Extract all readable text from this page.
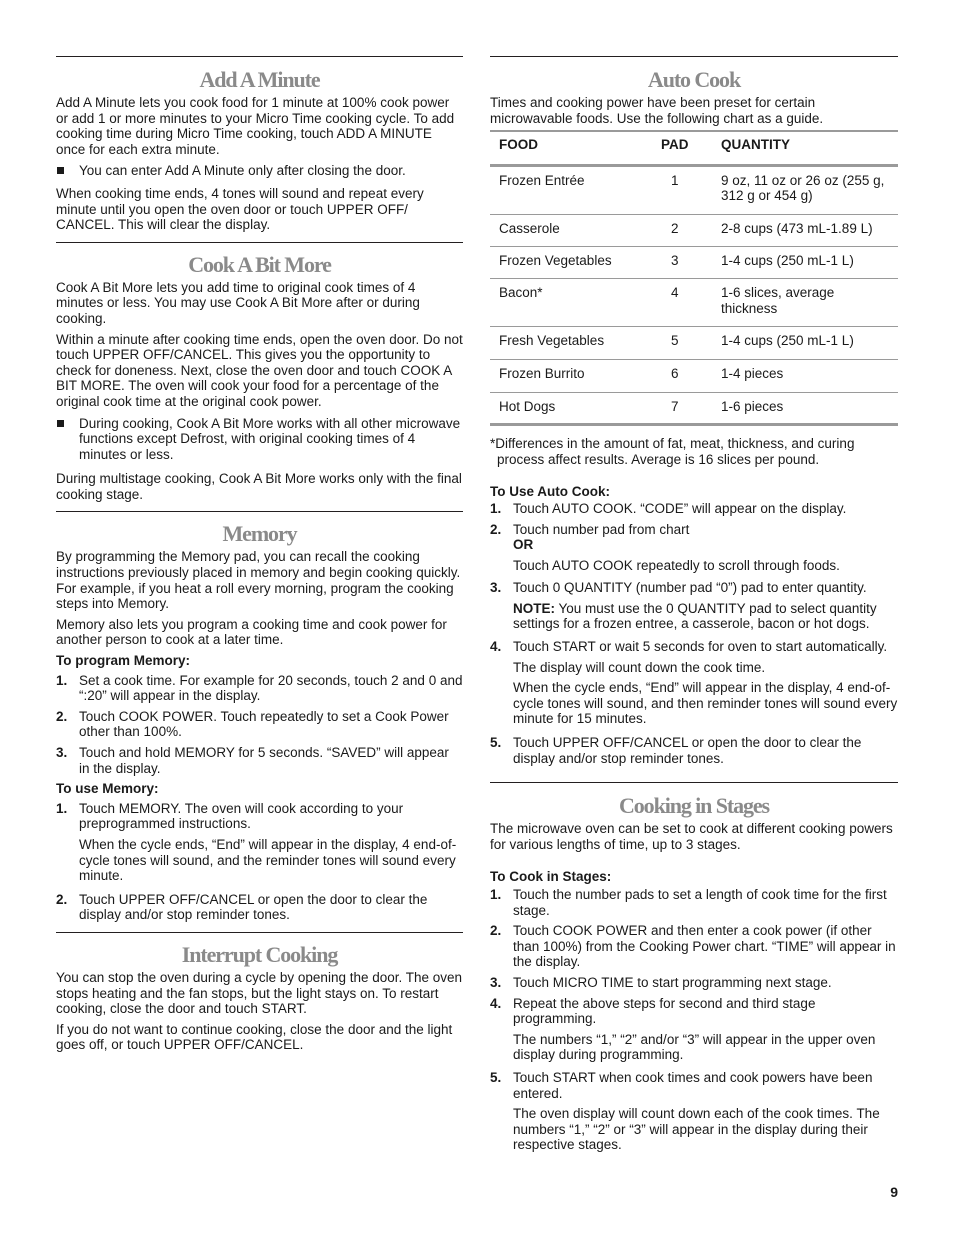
Add A Minute

Add A Minute lets you cook food for 1 minute at 100% cook power or add 1 or more minutes to your Micro Time cooking cycle. To add cooking time during Micro Time cooking, touch ADD A MINUTE once for each extra minute.

You can enter Add A Minute only after closing the door.

When cooking time ends, 4 tones will sound and repeat every minute until you open the oven door or touch UPPER OFF/ CANCEL. This will clear the display.

Cook A Bit More

Cook A Bit More lets you add time to original cook times of 4 minutes or less. You may use Cook A Bit More after or during cooking.

Within a minute after cooking time ends, open the oven door. Do not touch UPPER OFF/CANCEL. This gives you the opportunity to check for doneness. Next, close the oven door and touch COOK A BIT MORE. The oven will cook your food for a percentage of the original cook time at the original cook power.

During cooking, Cook A Bit More works with all other microwave functions except Defrost, with original cooking times of 4 minutes or less.

During multistage cooking, Cook A Bit More works only with the final cooking stage.

Memory

By programming the Memory pad, you can recall the cooking instructions previously placed in memory and begin cooking quickly. For example, if you heat a roll every morning, program the cooking steps into Memory.

Memory also lets you program a cooking time and cook power for another person to cook at a later time.

To program Memory:

1. Set a cook time. For example for 20 seconds, touch 2 and 0 and “:20” will appear in the display.
2. Touch COOK POWER. Touch repeatedly to set a Cook Power other than 100%.
3. Touch and hold MEMORY for 5 seconds. “SAVED” will appear in the display.

To use Memory:

1. Touch MEMORY. The oven will cook according to your preprogrammed instructions.

When the cycle ends, “End” will appear in the display, 4 end-of-cycle tones will sound, and the reminder tones will sound every minute.

2. Touch UPPER OFF/CANCEL or open the door to clear the display and/or stop reminder tones.
Interrupt Cooking

You can stop the oven during a cycle by opening the door. The oven stops heating and the fan stops, but the light stays on. To restart cooking, close the door and touch START.

If you do not want to continue cooking, close the door and the light goes off, or touch UPPER OFF/CANCEL.

Auto Cook

Times and cooking power have been preset for certain microwavable foods. Use the following chart as a guide.

FOOD	PAD	QUANTITY
Frozen Entrée	1	9 oz, 11 oz or 26 oz (255 g, 312 g or 454 g)
Casserole	2	2-8 cups (473 mL-1.89 L)
Frozen Vegetables	3	1-4 cups (250 mL-1 L)
Bacon*	4	1-6 slices, average thickness
Fresh Vegetables	5	1-4 cups (250 mL-1 L)
Frozen Burrito	6	1-4 pieces
Hot Dogs	7	1-6 pieces

*Differences in the amount of fat, meat, thickness, and curing process affect results. Average is 16 slices per pound.

To Use Auto Cook:

1. Touch AUTO COOK. “CODE” will appear on the display.
2. Touch number pad from chart

OR

Touch AUTO COOK repeatedly to scroll through foods.

3. Touch 0 QUANTITY (number pad “0”) pad to enter quantity.

NOTE: You must use the 0 QUANTITY pad to select quantity settings for a frozen entree, a casserole, bacon or hot dogs.

4. Touch START or wait 5 seconds for oven to start automatically.

The display will count down the cook time.

When the cycle ends, “End” will appear in the display, 4 end-of-cycle tones will sound, and then reminder tones will sound every minute for 15 minutes.

5. Touch UPPER OFF/CANCEL or open the door to clear the display and/or stop reminder tones.
Cooking in Stages

The microwave oven can be set to cook at different cooking powers for various lengths of time, up to 3 stages.

To Cook in Stages:

1. Touch the number pads to set a length of cook time for the first stage.
2. Touch COOK POWER and then enter a cook power (if other than 100%) from the Cooking Power chart. “TIME” will appear in the display.
3. Touch MICRO TIME to start programming next stage.
4. Repeat the above steps for second and third stage programming.

The numbers “1,” “2” and/or “3” will appear in the upper oven display during programming.

5. Touch START when cook times and cook powers have been entered.

The oven display will count down each of the cook times. The numbers “1,” “2” or “3” will appear in the display during their respective stages.

9
